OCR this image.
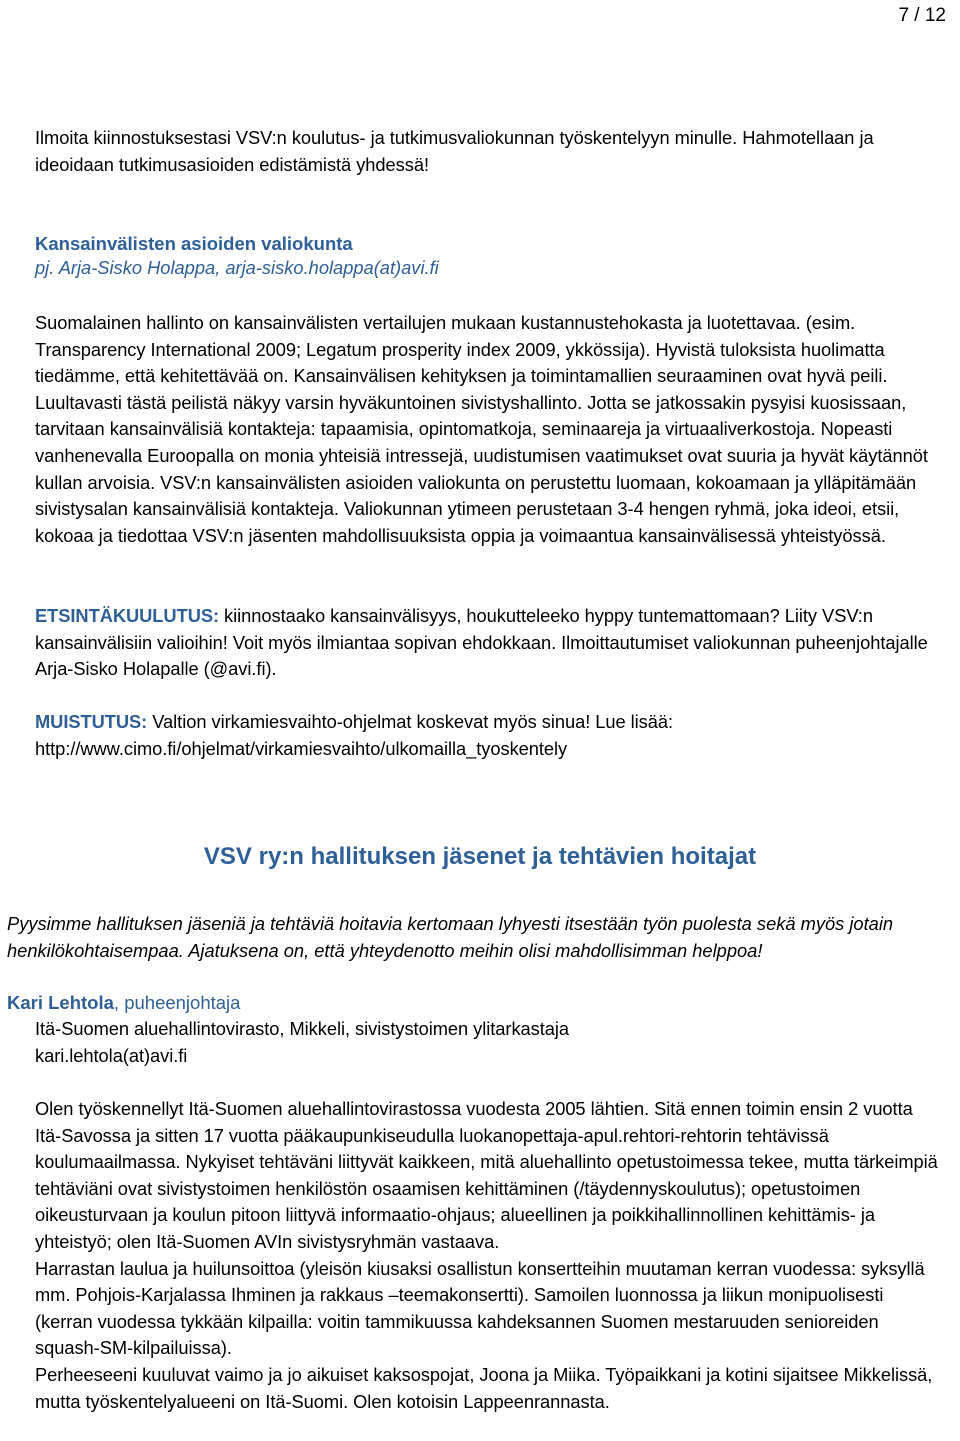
7 / 12

Ilmoita kiinnostuksestasi VSV:n koulutus- ja tutkimusvaliokunnan työskentelyyn minulle. Hahmotellaan ja ideoidaan tutkimusasioiden edistämistä yhdessä!

Kansainvälisten asioiden valiokunta

pj. Arja-Sisko Holappa, arja-sisko.holappa(at)avi.fi

Suomalainen hallinto on kansainvälisten vertailujen mukaan kustannustehokasta ja luotettavaa. (esim. Transparency International 2009; Legatum prosperity index 2009, ykkössija). Hyvistä tuloksista huolimatta tiedämme, että kehitettävää on. Kansainvälisen kehityksen ja toimintamallien seuraaminen ovat hyvä peili. Luultavasti tästä peilistä näkyy varsin hyväkuntoinen sivistyshallinto. Jotta se jatkossakin pysyisi kuosissaan, tarvitaan kansainvälisiä kontakteja: tapaamisia, opintomatkoja, seminaareja ja virtuaaliverkostoja. Nopeasti vanhenevalla Euroopalla on monia yhteisiä intressejä, uudistumisen vaatimukset ovat suuria ja hyvät käytännöt kullan arvoisia. VSV:n kansainvälisten asioiden valiokunta on perustettu luomaan, kokoamaan ja ylläpitämään sivistysalan kansainvälisiä kontakteja. Valiokunnan ytimeen perustetaan 3-4 hengen ryhmä, joka ideoi, etsii, kokoaa ja tiedottaa VSV:n jäsenten mahdollisuuksista oppia ja voimaantua kansainvälisessä yhteistyössä.

ETSINTÄKUULUTUS: kiinnostaako kansainvälisyys, houkutteleeko hyppy tuntemattomaan? Liity VSV:n kansainvälisiin valioihin! Voit myös ilmiantaa sopivan ehdokkaan. Ilmoittautumiset valiokunnan puheenjohtajalle Arja-Sisko Holapalle (@avi.fi).

MUISTUTUS: Valtion virkamiesvaihto-ohjelmat koskevat myös sinua! Lue lisää:

http://www.cimo.fi/ohjelmat/virkamiesvaihto/ulkomailla_tyoskentely

VSV ry:n hallituksen jäsenet ja tehtävien hoitajat

Pyysimme hallituksen jäseniä ja tehtäviä hoitavia kertomaan lyhyesti itsestään työn puolesta sekä myös jotain henkilökohtaisempaa. Ajatuksena on, että yhteydenotto meihin olisi mahdollisimman helppoa!

Kari Lehtola, puheenjohtaja

Itä-Suomen aluehallintovirasto, Mikkeli, sivistystoimen ylitarkastaja

kari.lehtola(at)avi.fi

Olen työskennellyt Itä-Suomen aluehallintovirastossa vuodesta 2005 lähtien. Sitä ennen toimin ensin 2 vuotta Itä-Savossa ja sitten 17 vuotta pääkaupunkiseudulla luokanopettaja-apul.rehtori-rehtorin tehtävissä koulumaailmassa. Nykyiset tehtäväni liittyvät kaikkeen, mitä aluehallinto opetustoimessa tekee, mutta tärkeimpiä tehtäviäni ovat sivistystoimen henkilöstön osaamisen kehittäminen (/täydennyskoulutus); opetustoimen oikeusturvaan ja koulun pitoon liittyvä informaatio-ohjaus; alueellinen ja poikkihallinnollinen kehittämis- ja yhteistyö; olen Itä-Suomen AVIn sivistysryhmän vastaava.

Harrastan laulua ja huilunsoittoa (yleisön kiusaksi osallistun konsertteihin muutaman kerran vuodessa: syksyllä mm. Pohjois-Karjalassa Ihminen ja rakkaus –teemakonsertti). Samoilen luonnossa ja liikun monipuolisesti (kerran vuodessa tykkään kilpailla: voitin tammikuussa kahdeksannen Suomen mestaruuden senioreiden squash-SM-kilpailuissa).

Perheeseeni kuuluvat vaimo ja jo aikuiset kaksospojat, Joona ja Miika. Työpaikkani ja kotini sijaitsee Mikkelissä, mutta työskentelyalueeni on Itä-Suomi. Olen kotoisin Lappeenrannasta.
